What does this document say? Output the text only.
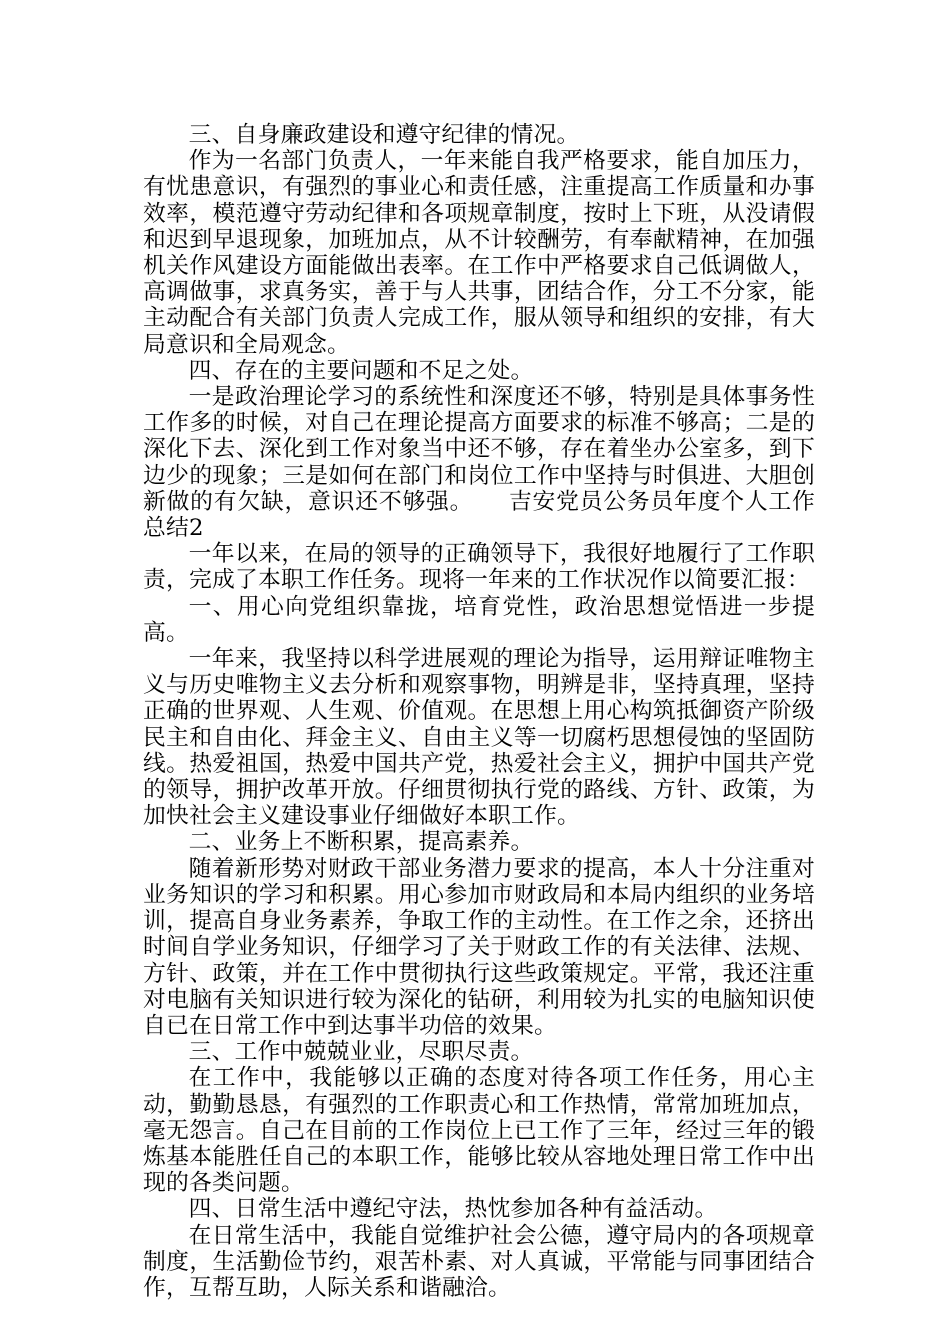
三、自身廉政建设和遵守纪律的情况。

作为一名部门负责人，一年来能自我严格要求，能自加压力，有忧患意识，有强烈的事业心和责任感，注重提高工作质量和办事效率，模范遵守劳动纪律和各项规章制度，按时上下班，从没请假和迟到早退现象，加班加点，从不计较酬劳，有奉献精神，在加强机关作风建设方面能做出表率。在工作中严格要求自己低调做人，高调做事，求真务实，善于与人共事，团结合作，分工不分家，能主动配合有关部门负责人完成工作，服从领导和组织的安排，有大局意识和全局观念。

四、存在的主要问题和不足之处。

一是政治理论学习的系统性和深度还不够，特别是具体事务性工作多的时候，对自己在理论提高方面要求的标准不够高；二是的深化下去、深化到工作对象当中还不够，存在着坐办公室多，到下边少的现象；三是如何在部门和岗位工作中坚持与时俱进、大胆创新做的有欠缺，意识还不够强。　　吉安党员公务员年度个人工作总结2

一年以来，在局的领导的正确领导下，我很好地履行了工作职责，完成了本职工作任务。现将一年来的工作状况作以简要汇报：

一、用心向党组织靠拢，培育党性，政治思想觉悟进一步提高。

一年来，我坚持以科学进展观的理论为指导，运用辩证唯物主义与历史唯物主义去分析和观察事物，明辨是非，坚持真理，坚持正确的世界观、人生观、价值观。在思想上用心构筑抵御资产阶级民主和自由化、拜金主义、自由主义等一切腐朽思想侵蚀的坚固防线。热爱祖国，热爱中国共产党，热爱社会主义，拥护中国共产党的领导，拥护改革开放。仔细贯彻执行党的路线、方针、政策，为加快社会主义建设事业仔细做好本职工作。

二、业务上不断积累，提高素养。

随着新形势对财政干部业务潜力要求的提高，本人十分注重对业务知识的学习和积累。用心参加市财政局和本局内组织的业务培训，提高自身业务素养，争取工作的主动性。在工作之余，还挤出时间自学业务知识，仔细学习了关于财政工作的有关法律、法规、方针、政策，并在工作中贯彻执行这些政策规定。平常，我还注重对电脑有关知识进行较为深化的钻研，利用较为扎实的电脑知识使自已在日常工作中到达事半功倍的效果。

三、工作中兢兢业业，尽职尽责。

在工作中，我能够以正确的态度对待各项工作任务，用心主动，勤勤恳恳，有强烈的工作职责心和工作热情，常常加班加点，毫无怨言。自己在目前的工作岗位上已工作了三年，经过三年的锻炼基本能胜任自己的本职工作，能够比较从容地处理日常工作中出现的各类问题。

四、日常生活中遵纪守法，热忱参加各种有益活动。

在日常生活中，我能自觉维护社会公德，遵守局内的各项规章制度，生活勤俭节约，艰苦朴素、对人真诚，平常能与同事团结合作，互帮互助，人际关系和谐融洽。
